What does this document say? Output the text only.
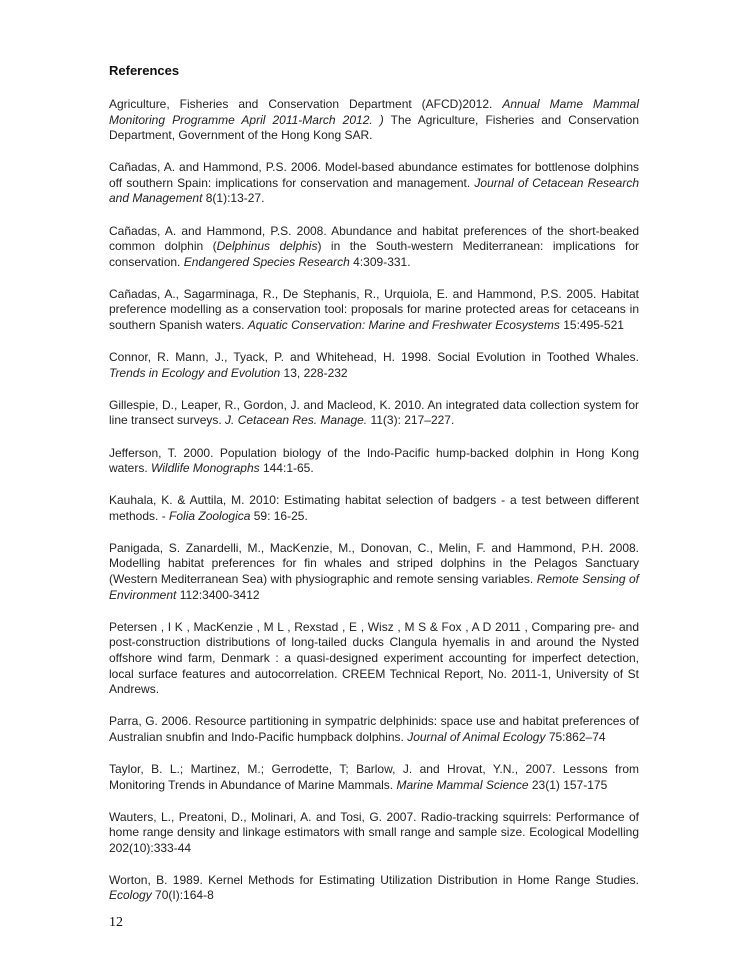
References

Agriculture, Fisheries and Conservation Department (AFCD)2012. Annual Mame Mammal Monitoring Programme April 2011-March 2012. ) The Agriculture, Fisheries and Conservation Department, Government of the Hong Kong SAR.

Cañadas, A. and Hammond, P.S. 2006. Model-based abundance estimates for bottlenose dolphins off southern Spain: implications for conservation and management. Journal of Cetacean Research and Management 8(1):13-27.

Cañadas, A. and Hammond, P.S. 2008. Abundance and habitat preferences of the short-beaked common dolphin (Delphinus delphis) in the South-western Mediterranean: implications for conservation. Endangered Species Research 4:309-331.

Cañadas, A., Sagarminaga, R., De Stephanis, R., Urquiola, E. and Hammond, P.S. 2005. Habitat preference modelling as a conservation tool: proposals for marine protected areas for cetaceans in southern Spanish waters. Aquatic Conservation: Marine and Freshwater Ecosystems 15:495-521

Connor, R. Mann, J., Tyack, P. and Whitehead, H. 1998. Social Evolution in Toothed Whales. Trends in Ecology and Evolution 13, 228-232

Gillespie, D., Leaper, R., Gordon, J. and Macleod, K. 2010. An integrated data collection system for line transect surveys. J. Cetacean Res. Manage. 11(3): 217–227.

Jefferson, T. 2000. Population biology of the Indo-Pacific hump-backed dolphin in Hong Kong waters. Wildlife Monographs 144:1-65.

Kauhala, K. & Auttila, M. 2010: Estimating habitat selection of badgers - a test between different methods. - Folia Zoologica 59: 16-25.

Panigada, S. Zanardelli, M., MacKenzie, M., Donovan, C., Melin, F. and Hammond, P.H. 2008. Modelling habitat preferences for fin whales and striped dolphins in the Pelagos Sanctuary (Western Mediterranean Sea) with physiographic and remote sensing variables. Remote Sensing of Environment 112:3400-3412

Petersen , I K , MacKenzie , M L , Rexstad , E , Wisz , M S & Fox , A D 2011 , Comparing pre- and post-construction distributions of long-tailed ducks Clangula hyemalis in and around the Nysted offshore wind farm, Denmark : a quasi-designed experiment accounting for imperfect detection, local surface features and autocorrelation. CREEM Technical Report, No. 2011-1, University of St Andrews.

Parra, G. 2006. Resource partitioning in sympatric delphinids: space use and habitat preferences of Australian snubfin and Indo-Pacific humpback dolphins. Journal of Animal Ecology 75:862–74

Taylor, B. L.; Martinez, M.; Gerrodette, T; Barlow, J. and Hrovat, Y.N., 2007. Lessons from Monitoring Trends in Abundance of Marine Mammals. Marine Mammal Science 23(1) 157-175

Wauters, L., Preatoni, D., Molinari, A. and Tosi, G. 2007. Radio-tracking squirrels: Performance of home range density and linkage estimators with small range and sample size. Ecological Modelling 202(10):333-44

Worton, B. 1989. Kernel Methods for Estimating Utilization Distribution in Home Range Studies. Ecology 70(I):164-8

12
